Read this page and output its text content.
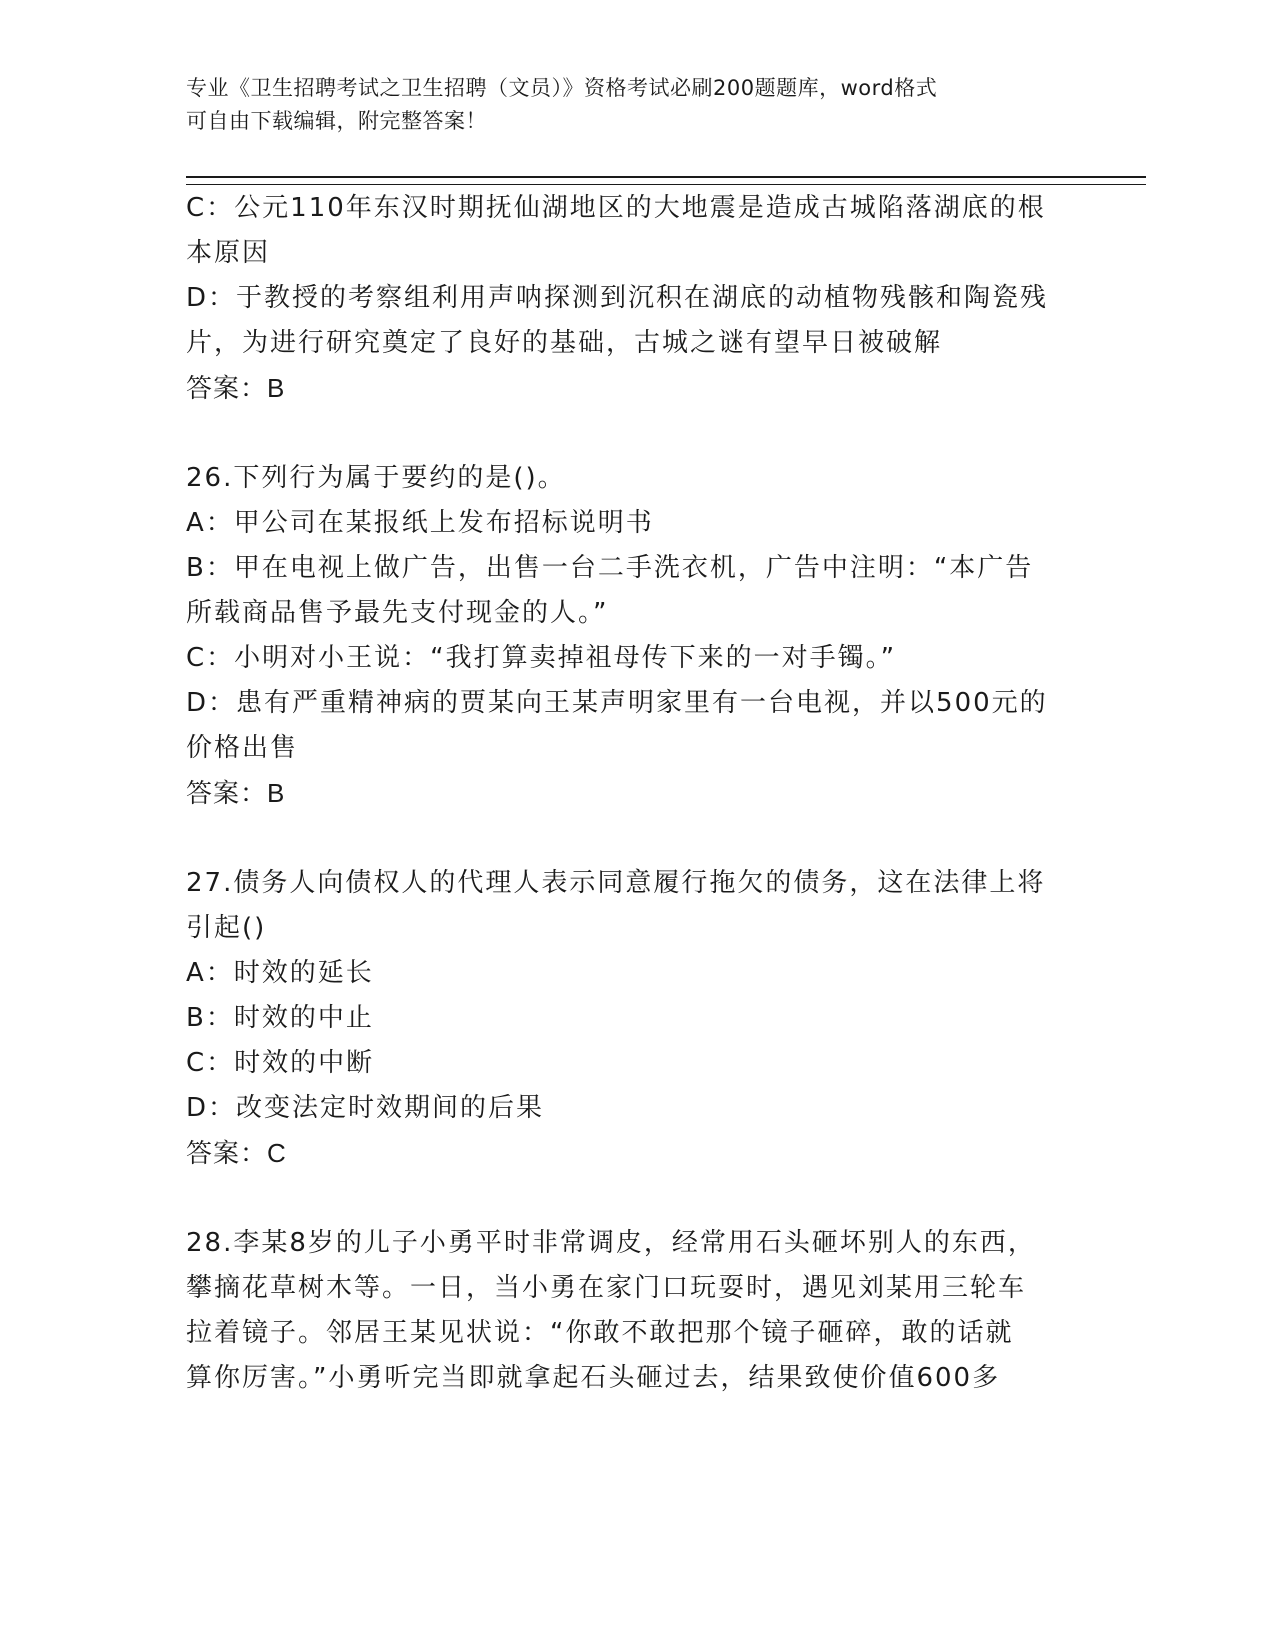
专业《卫生招聘考试之卫生招聘（文员）》资格考试必刷200题题库，word格式
可自由下载编辑，附完整答案！
C：公元110年东汉时期抚仙湖地区的大地震是造成古城陷落湖底的根
本原因
D：于教授的考察组利用声呐探测到沉积在湖底的动植物残骸和陶瓷残
片，为进行研究奠定了良好的基础，古城之谜有望早日被破解
答案：B
26.下列行为属于要约的是()。
A：甲公司在某报纸上发布招标说明书
B：甲在电视上做广告，出售一台二手洗衣机，广告中注明：“本广告
所载商品售予最先支付现金的人。”
C：小明对小王说：“我打算卖掉祖母传下来的一对手镯。”
D：患有严重精神病的贾某向王某声明家里有一台电视，并以500元的
价格出售
答案：B
27.债务人向债权人的代理人表示同意履行拖欠的债务，这在法律上将
引起()
A：时效的延长
B：时效的中止
C：时效的中断
D：改变法定时效期间的后果
答案：C
28.李某8岁的儿子小勇平时非常调皮，经常用石头砸坏别人的东西，
攀摘花草树木等。一日，当小勇在家门口玩耍时，遇见刘某用三轮车
拉着镜子。邻居王某见状说：“你敢不敢把那个镜子砸碎，敢的话就
算你厉害。”小勇听完当即就拿起石头砸过去，结果致使价值600多
